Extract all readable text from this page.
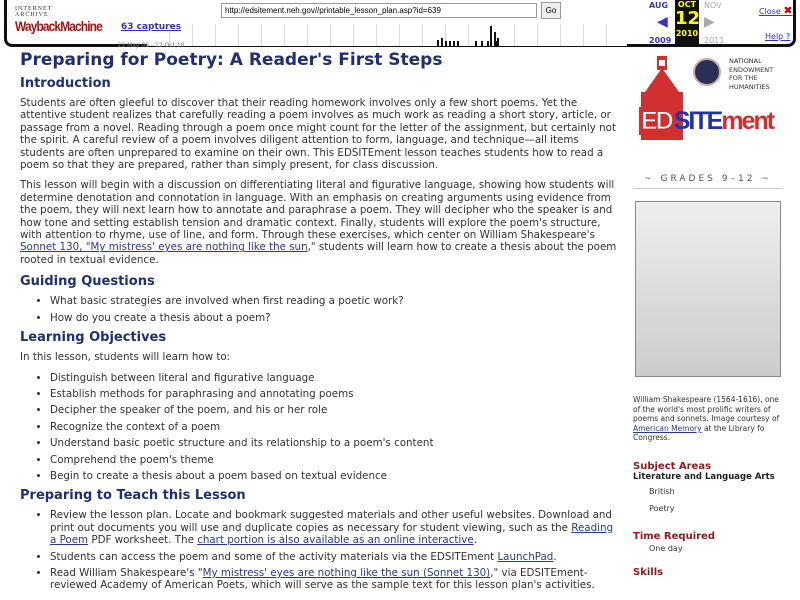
INTERNET ARCHIVE
WaybackMachine
http://edsitement.neh.gov//printable_lesson_plan.asp?id=639
Go
63 captures
23 May 06 - 12 Oct 10
AUG
◀
2009
OCT
12
2010
NOV
▶
2011
Close ✖
Help ?
Preparing for Poetry: A Reader's First Steps
Introduction

Students are often gleeful to discover that their reading homework involves only a few short poems. Yet the attentive student realizes that carefully reading a poem involves as much work as reading a short story, article, or passage from a novel. Reading through a poem once might count for the letter of the assignment, but certainly not the spirit. A careful review of a poem involves diligent attention to form, language, and technique—all items students are often unprepared to examine on their own. This EDSITEment lesson teaches students how to read a poem so that they are prepared, rather than simply present, for class discussion.

This lesson will begin with a discussion on differentiating literal and figurative language, showing how students will determine denotation and connotation in language. With an emphasis on creating arguments using evidence from the poem, they will next learn how to annotate and paraphrase a poem. They will decipher who the speaker is and how tone and setting establish tension and dramatic context. Finally, students will explore the poem's structure, with attention to rhyme, use of line, and form. Through these exercises, which center on William Shakespeare's Sonnet 130, "My mistress' eyes are nothing like the sun," students will learn how to create a thesis about the poem rooted in textual evidence.

Guiding Questions
• What basic strategies are involved when first reading a poetic work?
• How do you create a thesis about a poem?
Learning Objectives

In this lesson, students will learn how to:

• Distinguish between literal and figurative language
• Establish methods for paraphrasing and annotating poems
• Decipher the speaker of the poem, and his or her role
• Recognize the context of a poem
• Understand basic poetic structure and its relationship to a poem's content
• Comprehend the poem's theme
• Begin to create a thesis about a poem based on textual evidence
Preparing to Teach this Lesson
• Review the lesson plan. Locate and bookmark suggested materials and other useful websites. Download and print out documents you will use and duplicate copies as necessary for student viewing, such as the Reading a Poem PDF worksheet. The chart portion is also available as an online interactive.
• Students can access the poem and some of the activity materials via the EDSITEment LaunchPad.
• Read William Shakespeare's "My mistress' eyes are nothing like the sun (Sonnet 130)," via EDSITEment-reviewed Academy of American Poets, which will serve as the sample text for this lesson plan's activities.
NATIONAL ENDOWMENT FOR THE HUMANITIES
EDSITEment
~ GRADES 9–12 ~
William Shakespeare (1564-1616), one of the world's most prolific writers of poems and sonnets. Image courtesy of American Memory at the Library fo Congress.
Subject Areas
Literature and Language Arts
British
Poetry
Time Required
One day
Skills
